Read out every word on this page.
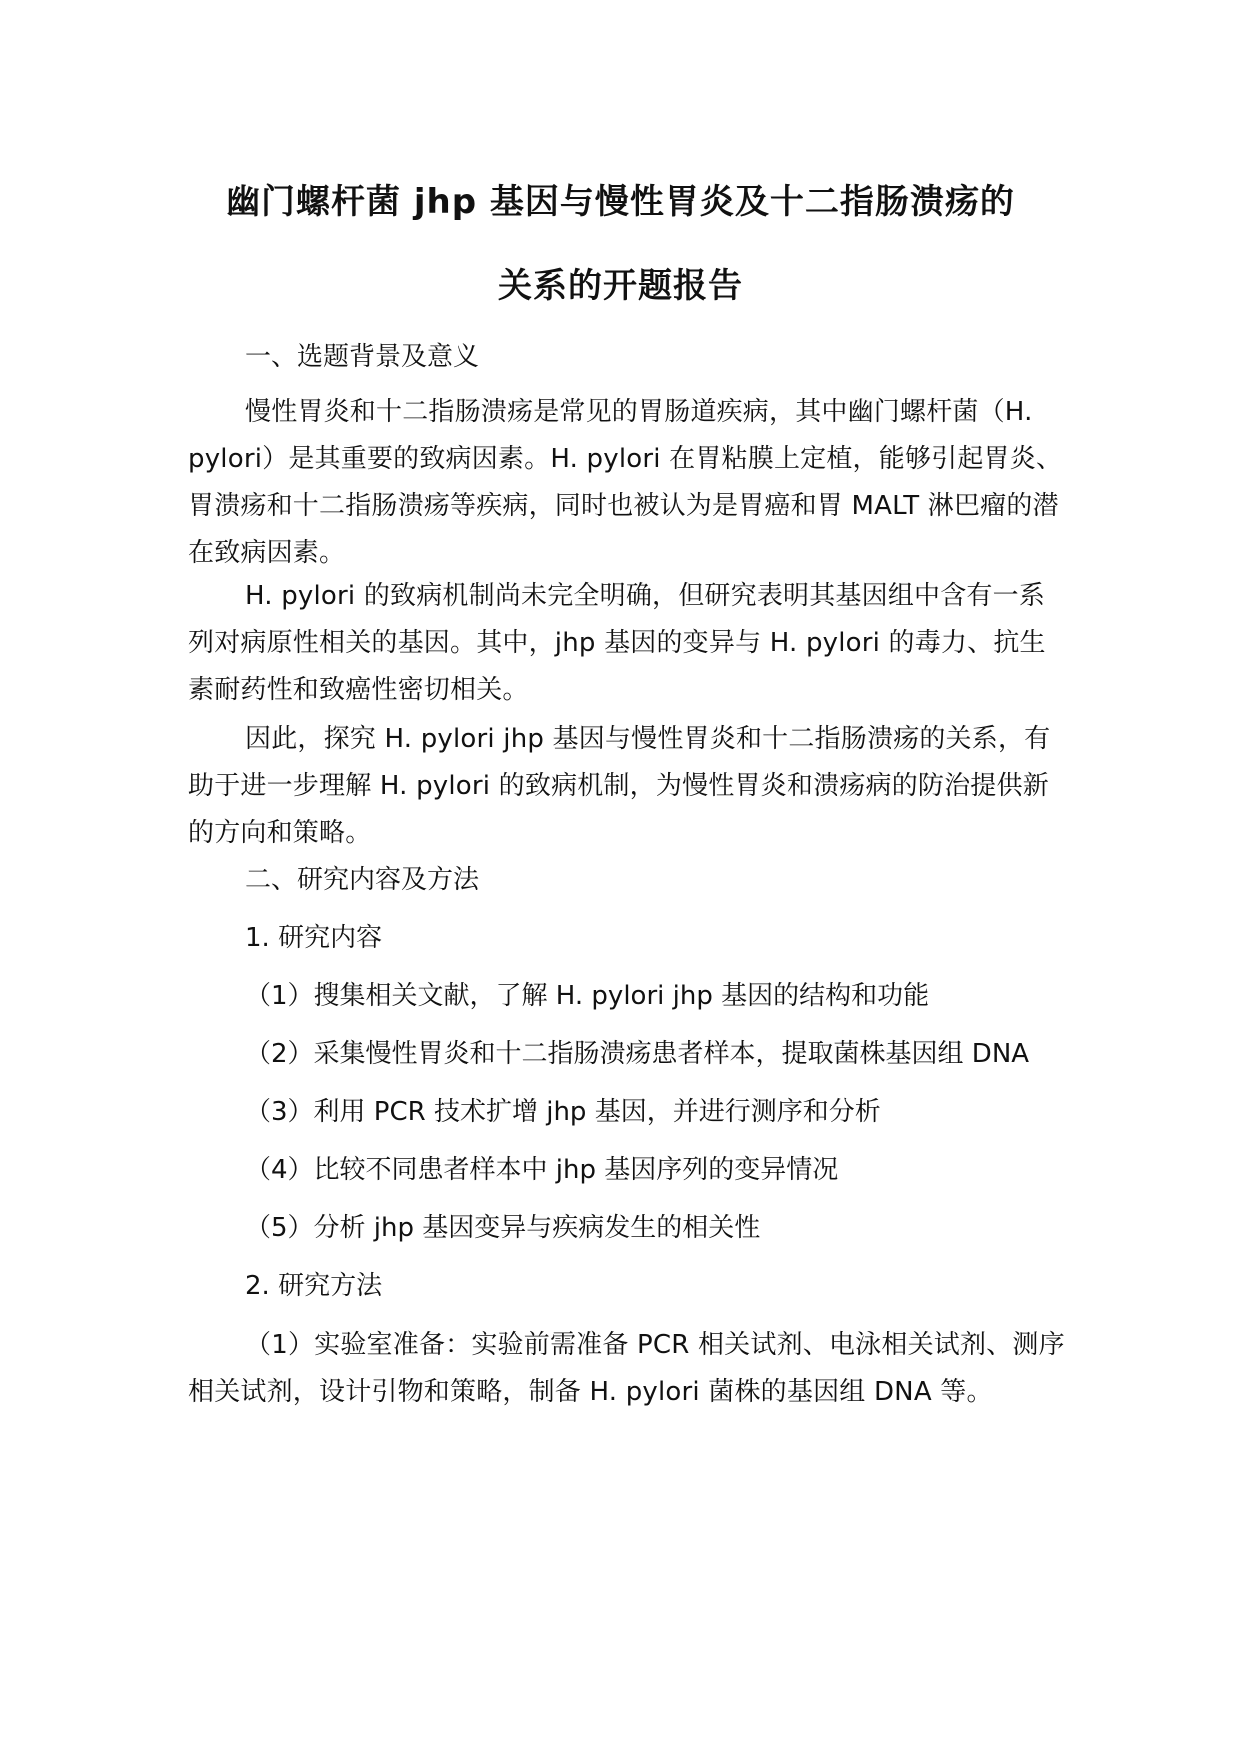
幽门螺杆菌 jhp 基因与慢性胃炎及十二指肠溃疡的
关系的开题报告

一、选题背景及意义

慢性胃炎和十二指肠溃疡是常见的胃肠道疾病，其中幽门螺杆菌（H. pylori）是其重要的致病因素。H. pylori 在胃粘膜上定植，能够引起胃炎、胃溃疡和十二指肠溃疡等疾病，同时也被认为是胃癌和胃 MALT 淋巴瘤的潜在致病因素。

H. pylori 的致病机制尚未完全明确，但研究表明其基因组中含有一系列对病原性相关的基因。其中，jhp 基因的变异与 H. pylori 的毒力、抗生素耐药性和致癌性密切相关。

因此，探究 H. pylori jhp 基因与慢性胃炎和十二指肠溃疡的关系，有助于进一步理解 H. pylori 的致病机制，为慢性胃炎和溃疡病的防治提供新的方向和策略。

二、研究内容及方法

1. 研究内容

（1）搜集相关文献，了解 H. pylori jhp 基因的结构和功能

（2）采集慢性胃炎和十二指肠溃疡患者样本，提取菌株基因组 DNA

（3）利用 PCR 技术扩增 jhp 基因，并进行测序和分析

（4）比较不同患者样本中 jhp 基因序列的变异情况

（5）分析 jhp 基因变异与疾病发生的相关性

2. 研究方法

（1）实验室准备：实验前需准备 PCR 相关试剂、电泳相关试剂、测序相关试剂，设计引物和策略，制备 H. pylori 菌株的基因组 DNA 等。
